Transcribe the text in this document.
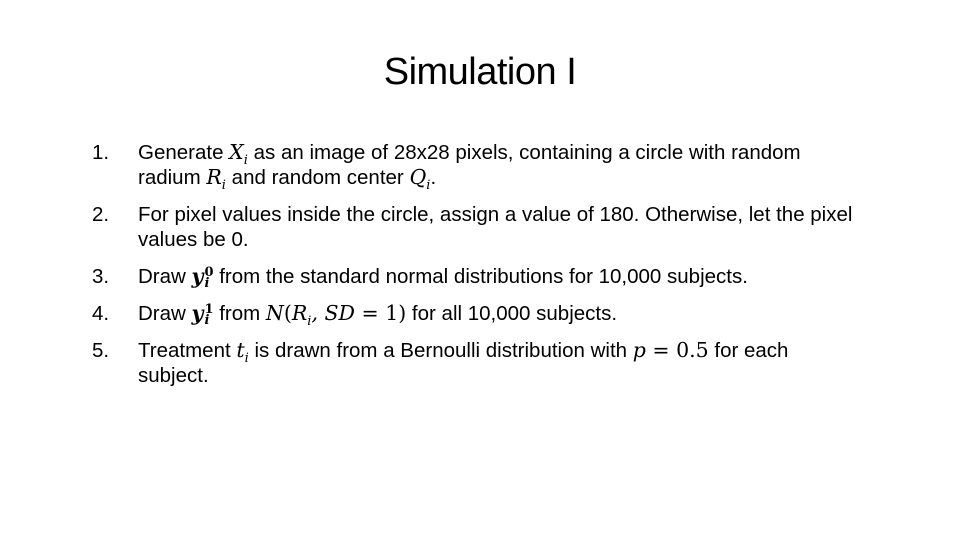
Simulation I
1.	Generate $X_i$ as an image of 28x28 pixels, containing a circle with random radium $R_i$ and random center $Q_i$.
2.	For pixel values inside the circle, assign a value of 180. Otherwise, let the pixel values be 0.
3.	Draw y 0
i from the standard normal distributions for 10,000 subjects.
4.	Draw y 1
i from $N(R_i$, SD = 1) for all 10,000 subjects.
5.	Treatment $t_i$ is drawn from a Bernoulli distribution with p = 0.5 for each subject.
